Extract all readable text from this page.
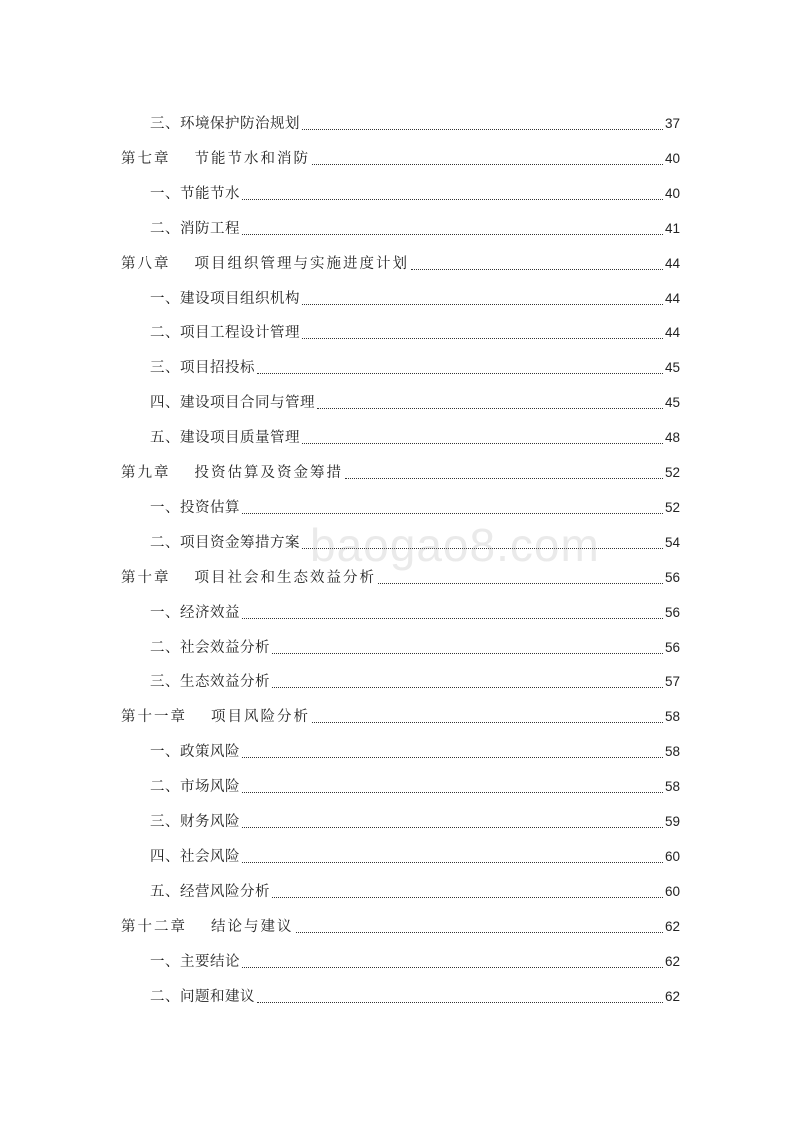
三、环境保护防治规划	37
第七章 节能节水和消防	40
一、节能节水	40
二、消防工程	41
第八章 项目组织管理与实施进度计划	44
一、建设项目组织机构	44
二、项目工程设计管理	44
三、项目招投标	45
四、建设项目合同与管理	45
五、建设项目质量管理	48
第九章 投资估算及资金筹措	52
一、投资估算	52
二、项目资金筹措方案	54
第十章 项目社会和生态效益分析	56
一、经济效益	56
二、社会效益分析	56
三、生态效益分析	57
第十一章 项目风险分析	58
一、政策风险	58
二、市场风险	58
三、财务风险	59
四、社会风险	60
五、经营风险分析	60
第十二章 结论与建议	62
一、主要结论	62
二、问题和建议	62
baogao8.com
